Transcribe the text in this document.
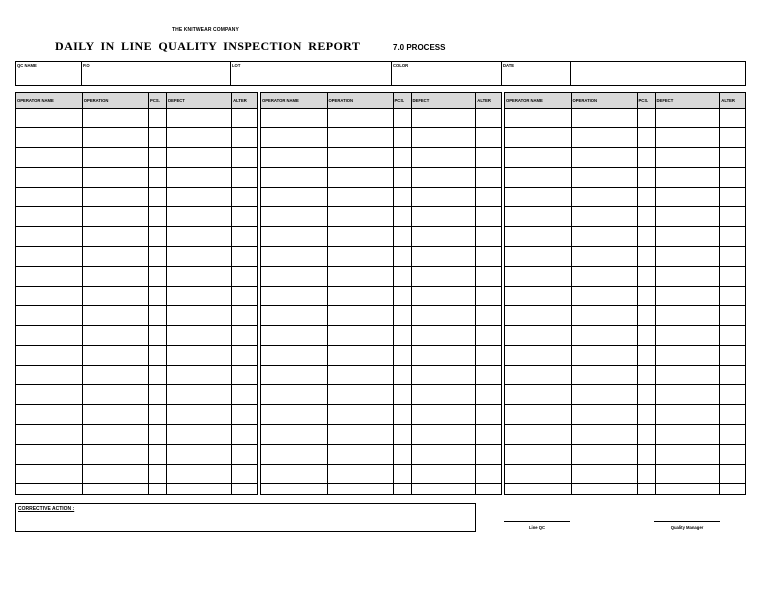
THE KNITWEAR COMPANY
DAILY IN LINE QUALITY INSPECTION REPORT	7.0 PROCESS
QC NAME	P.O	LOT	COLOR	DATE
OPERATOR NAME	OPERATION	PCS.	DEFECT	ALTER

					OPERATOR NAME	OPERATION	PCS.	DEFECT	ALTER

					OPERATOR NAME	OPERATION	PCS.	DEFECT	ALTER

CORRECTIVE ACTION :
Line QC	Quality Manager
